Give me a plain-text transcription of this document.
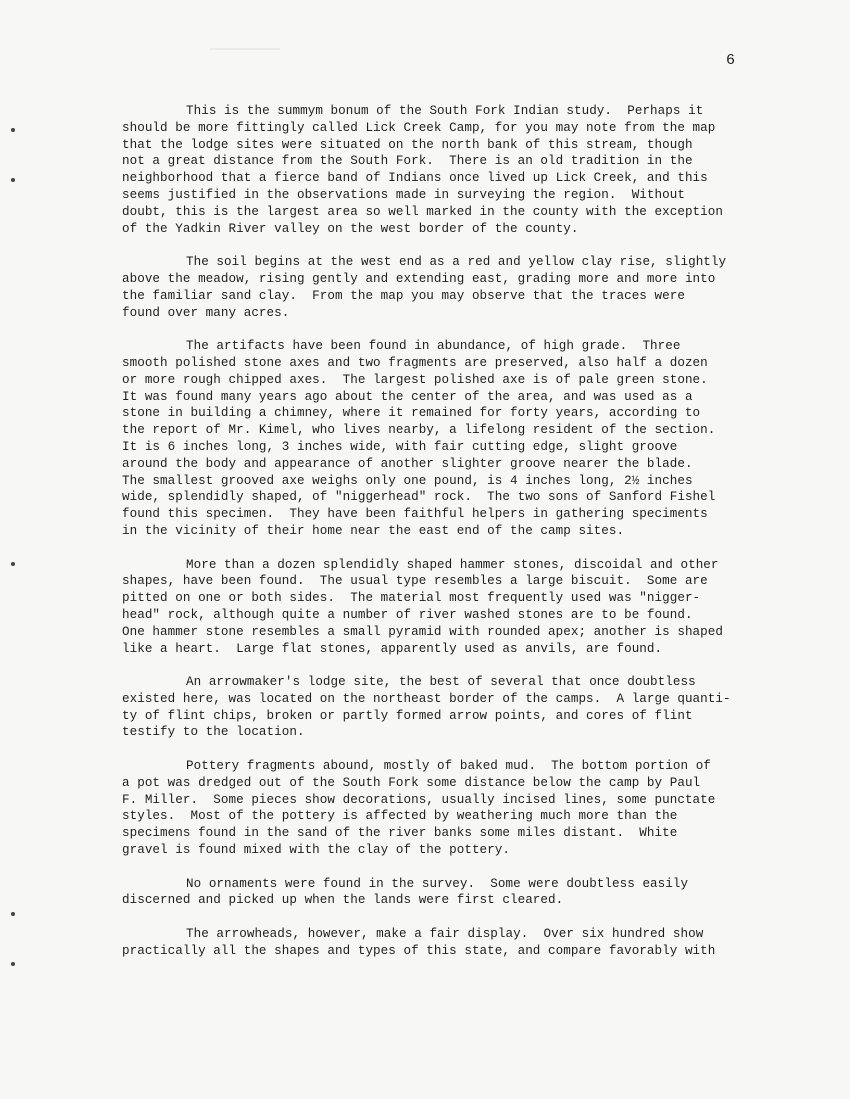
6
This is the summym bonum of the South Fork Indian study.  Perhaps it
should be more fittingly called Lick Creek Camp, for you may note from the map
that the lodge sites were situated on the north bank of this stream, though
not a great distance from the South Fork.  There is an old tradition in the
neighborhood that a fierce band of Indians once lived up Lick Creek, and this
seems justified in the observations made in surveying the region.  Without
doubt, this is the largest area so well marked in the county with the exception
of the Yadkin River valley on the west border of the county.
The soil begins at the west end as a red and yellow clay rise, slightly
above the meadow, rising gently and extending east, grading more and more into
the familiar sand clay.  From the map you may observe that the traces were
found over many acres.
The artifacts have been found in abundance, of high grade.  Three
smooth polished stone axes and two fragments are preserved, also half a dozen
or more rough chipped axes.  The largest polished axe is of pale green stone.
It was found many years ago about the center of the area, and was used as a
stone in building a chimney, where it remained for forty years, according to
the report of Mr. Kimel, who lives nearby, a lifelong resident of the section.
It is 6 inches long, 3 inches wide, with fair cutting edge, slight groove
around the body and appearance of another slighter groove nearer the blade.
The smallest grooved axe weighs only one pound, is 4 inches long, 2½ inches
wide, splendidly shaped, of "niggerhead" rock.  The two sons of Sanford Fishel
found this specimen.  They have been faithful helpers in gathering speciments
in the vicinity of their home near the east end of the camp sites.
More than a dozen splendidly shaped hammer stones, discoidal and other
shapes, have been found.  The usual type resembles a large biscuit.  Some are
pitted on one or both sides.  The material most frequently used was "nigger-
head" rock, although quite a number of river washed stones are to be found.
One hammer stone resembles a small pyramid with rounded apex; another is shaped
like a heart.  Large flat stones, apparently used as anvils, are found.
An arrowmaker's lodge site, the best of several that once doubtless
existed here, was located on the northeast border of the camps.  A large quanti-
ty of flint chips, broken or partly formed arrow points, and cores of flint
testify to the location.
Pottery fragments abound, mostly of baked mud.  The bottom portion of
a pot was dredged out of the South Fork some distance below the camp by Paul
F. Miller.  Some pieces show decorations, usually incised lines, some punctate
styles.  Most of the pottery is affected by weathering much more than the
specimens found in the sand of the river banks some miles distant.  White
gravel is found mixed with the clay of the pottery.
No ornaments were found in the survey.  Some were doubtless easily
discerned and picked up when the lands were first cleared.
The arrowheads, however, make a fair display.  Over six hundred show
practically all the shapes and types of this state, and compare favorably with
